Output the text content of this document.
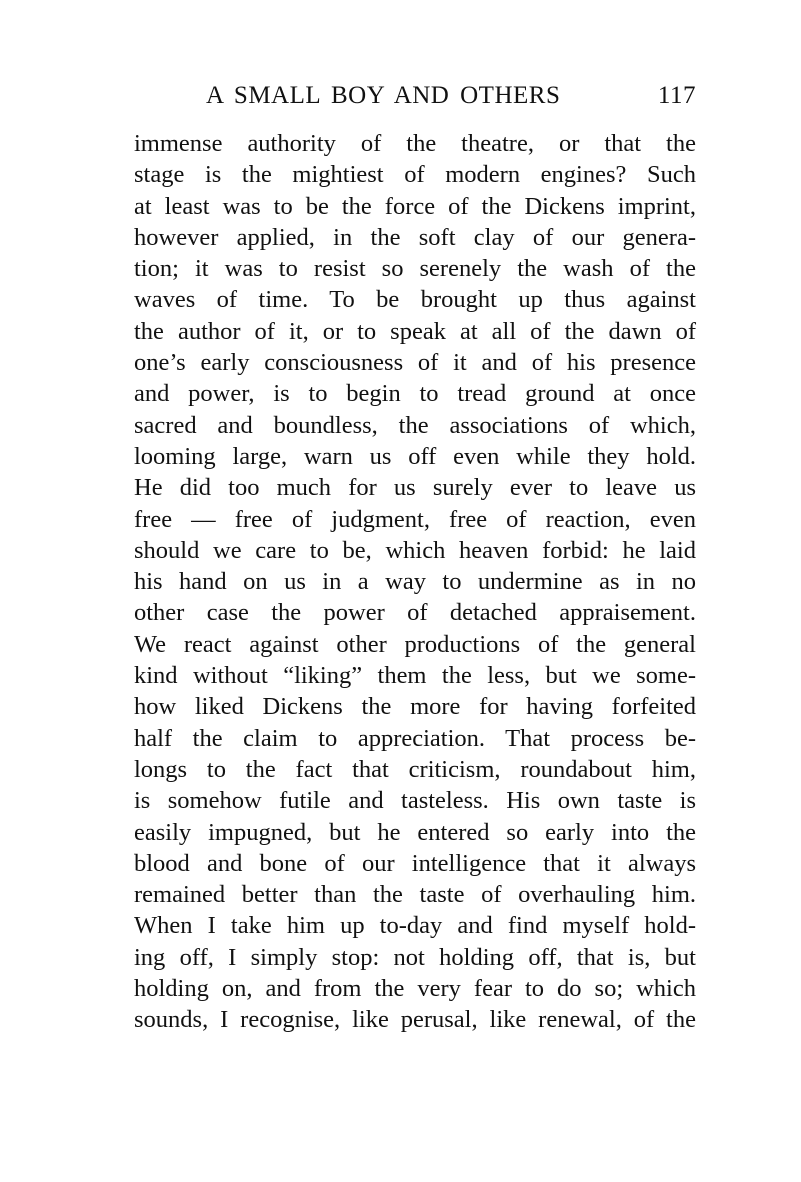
A SMALL BOY AND OTHERS	117
immense authority of the theatre, or that the
stage is the mightiest of modern engines? Such
at least was to be the force of the Dickens imprint,
however applied, in the soft clay of our genera-
tion; it was to resist so serenely the wash of the
waves of time. To be brought up thus against
the author of it, or to speak at all of the dawn of
one’s early consciousness of it and of his presence
and power, is to begin to tread ground at once
sacred and boundless, the associations of which,
looming large, warn us off even while they hold.
He did too much for us surely ever to leave us
free — free of judgment, free of reaction, even
should we care to be, which heaven forbid: he laid
his hand on us in a way to undermine as in no
other case the power of detached appraisement.
We react against other productions of the general
kind without “liking” them the less, but we some-
how liked Dickens the more for having forfeited
half the claim to appreciation. That process be-
longs to the fact that criticism, roundabout him,
is somehow futile and tasteless. His own taste is
easily impugned, but he entered so early into the
blood and bone of our intelligence that it always
remained better than the taste of overhauling him.
When I take him up to-day and find myself hold-
ing off, I simply stop: not holding off, that is, but
holding on, and from the very fear to do so; which
sounds, I recognise, like perusal, like renewal, of the
